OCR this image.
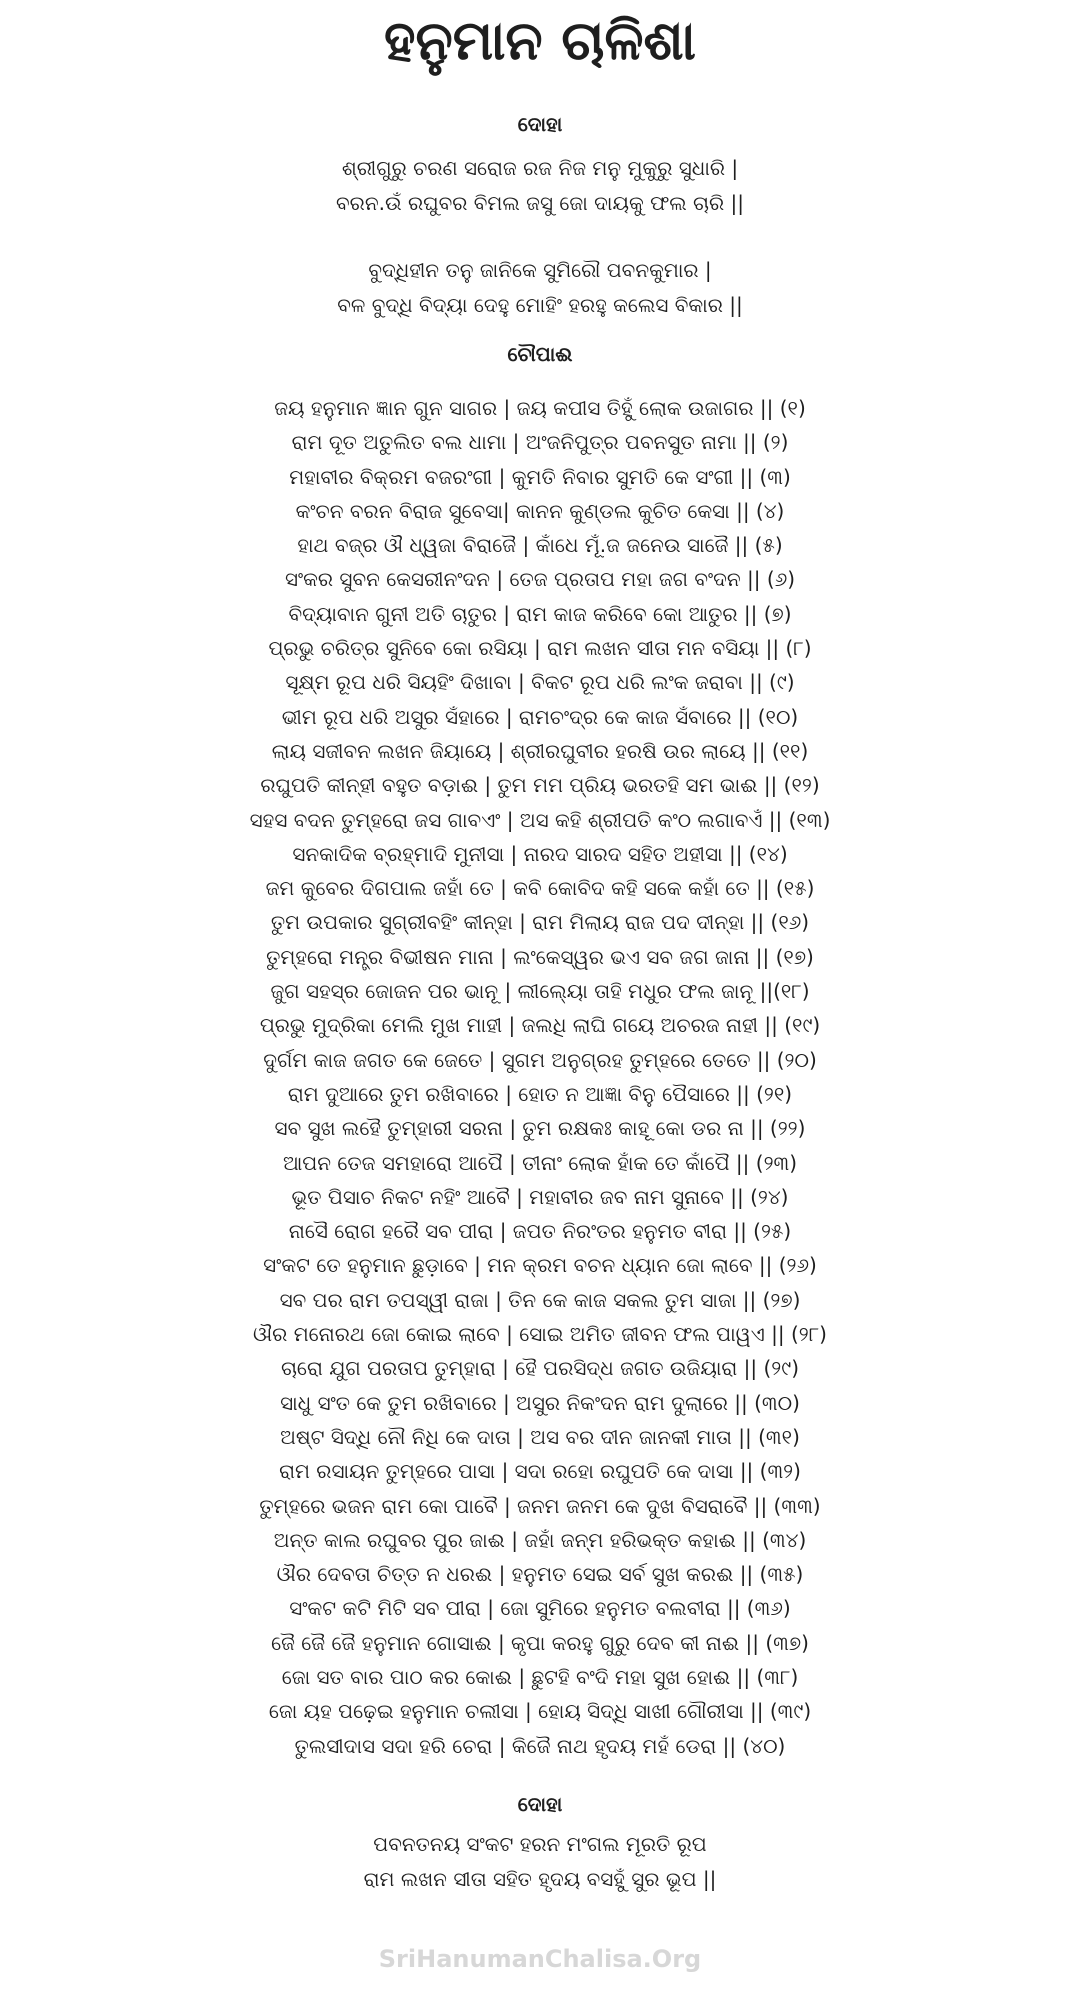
ହନୁମାନ ଚାଳିଶା
ଦୋହା
ଶ୍ରୀଗୁରୁ ଚରଣ ସରୋଜ ରଜ ନିଜ ମନୁ ମୁକୁରୁ ସୁଧାରି |
ବରନ.ଉଁ ରଘୁବର ବିମଲ ଜସୁ ଜୋ ଦାୟକୁ ଫଲ ଚାରି ||
ବୁଦ୍ଧିହୀନ ତନୁ ଜାନିକେ ସୁମିରୌ ପବନକୁମାର |
ବଳ ବୁଦ୍ଧି ବିଦ୍ୟା ଦେହୁ ମୋହିଂ ହରହୁ କଲେସ ବିକାର ||
ଚୌପାଈ
ଜୟ ହନୁମାନ ଜ୍ଞାନ ଗୁନ ସାଗର | ଜୟ କପୀସ ତିହୁଁ ଲୋକ ଉଜାଗର || (୧)
ରାମ ଦୂତ ଅତୁଲିତ ବଲ ଧାମା | ଅଂଜନିପୁତ୍ର ପବନସୁତ ନାମା || (୨)
ମହାବୀର ବିକ୍ରମ ବଜରଂଗୀ | କୁମତି ନିବାର ସୁମତି କେ ସଂଗୀ || (୩)
କଂଚନ ବରନ ବିରାଜ ସୁବେସା| କାନନ କୁଣ୍ଡଲ କୁଚିତ କେସା || (୪)
ହାଥ ବଜ୍ର ଔ ଧ୍ୱଜା ବିରାଜୈ | କାଁଧେ ମୂଁ.ଜ ଜନେଉ ସାଜୈ || (୫)
ସଂକର ସୁବନ କେସରୀନଂଦନ | ତେଜ ପ୍ରତାପ ମହା ଜଗ ବଂଦନ || (୬)
ବିଦ୍ୟାବାନ ଗୁନୀ ଅତି ଚାତୁର | ରାମ କାଜ କରିବେ କୋ ଆତୁର || (୭)
ପ୍ରଭୁ ଚରିତ୍ର ସୁନିବେ କୋ ରସିୟା | ରାମ ଲଖନ ସୀତା ମନ ବସିୟା || (୮)
ସୂକ୍ଷ୍ମ ରୂପ ଧରି ସିୟହିଂ ଦିଖାବା | ବିକଟ ରୂପ ଧରି ଲଂକ ଜରାବା || (୯)
ଭୀମ ରୂପ ଧରି ଅସୁର ସଁହାରେ | ରାମଚଂଦ୍ର କେ କାଜ ସଁବାରେ || (୧୦)
ଲାୟ ସଜୀବନ ଲଖନ ଜିୟାୟେ | ଶ୍ରୀରଘୁବୀର ହରଷି ଉର ଲାୟେ || (୧୧)
ରଘୁପତି କୀନ୍ହୀ ବହୁତ ବଡ଼ାଈ | ତୁମ ମମ ପ୍ରିୟ ଭରତହି ସମ ଭାଈ || (୧୨)
ସହସ ବଦନ ତୁମ୍ହରୋ ଜସ ଗାବଏଂ | ଅସ କହି ଶ୍ରୀପତି କଂଠ ଲଗାବଏଁ || (୧୩)
ସନକାଦିକ ବ୍ରହ୍ମାଦି ମୁନୀସା | ନାରଦ ସାରଦ ସହିତ ଅହୀସା || (୧୪)
ଜମ କୁବେର ଦିଗପାଲ ଜହାଁ ତେ | କବି କୋବିଦ କହି ସକେ କହାଁ ତେ || (୧୫)
ତୁମ ଉପକାର ସୁଗ୍ରୀବହିଂ କୀନ୍ହା | ରାମ ମିଲାୟ ରାଜ ପଦ ଦୀନ୍ହା || (୧୬)
ତୁମ୍ହରୋ ମନ୍ତ୍ର ବିଭୀଷନ ମାନା | ଲଂକେସ୍ୱର ଭଏ ସବ ଜଗ ଜାନା || (୧୭)
ଜୁଗ ସହସ୍ର ଜୋଜନ ପର ଭାନୂ | ଲୀଲ୍ୟୋ ତାହି ମଧୁର ଫଲ ଜାନୂ ||(୧୮)
ପ୍ରଭୁ ମୁଦ୍ରିକା ମେଲି ମୁଖ ମାହୀ | ଜଲଧି ଲାଘି ଗୟେ ଅଚରଜ ନାହୀ || (୧୯)
ଦୁର୍ଗମ କାଜ ଜଗତ କେ ଜେତେ | ସୁଗମ ଅନୁଗ୍ରହ ତୁମ୍ହରେ ତେତେ || (୨୦)
ରାମ ଦୁଆରେ ତୁମ ରଖିବାରେ | ହୋତ ନ ଆଜ୍ଞା ବିନୁ ପୈସାରେ || (୨୧)
ସବ ସୁଖ ଲହୈ ତୁମ୍ହାରୀ ସରନା | ତୁମ ରକ୍ଷକଃ କାହୂ କୋ ଡର ନା || (୨୨)
ଆପନ ତେଜ ସମହାରୋ ଆପୈ | ତୀନାଂ ଲୋକ ହାଁକ ତେ କାଁପୈ || (୨୩)
ଭୂତ ପିସାଚ ନିକଟ ନହିଂ ଆବୈ | ମହାବୀର ଜବ ନାମ ସୁନାବେ || (୨୪)
ନାସୈ ରୋଗ ହରୈ ସବ ପୀରା | ଜପତ ନିରଂତର ହନୁମତ ବୀରା || (୨୫)
ସଂକଟ ତେ ହନୁମାନ ଛୁଡ଼ାବେ | ମନ କ୍ରମ ବଚନ ଧ୍ୟାନ ଜୋ ଲାବେ || (୨୬)
ସବ ପର ରାମ ତପସ୍ୱୀ ରାଜା | ତିନ କେ କାଜ ସକଲ ତୁମ ସାଜା || (୨୭)
ଔର ମନୋରଥ ଜୋ କୋଇ ଲାବେ | ସୋଇ ଅମିତ ଜୀବନ ଫଲ ପାୱଏ || (୨୮)
ଚାରୋ ଯୁଗ ପରତାପ ତୁମ୍ହାରା | ହୈ ପରସିଦ୍ଧ ଜଗତ ଉଜିୟାରା || (୨୯)
ସାଧୁ ସଂତ କେ ତୁମ ରଖିବାରେ | ଅସୁର ନିକଂଦନ ରାମ ଦୁଲାରେ || (୩୦)
ଅଷ୍ଟ ସିଦ୍ଧି ନୌ ନିଧି କେ ଦାତା | ଅସ ବର ଦୀନ ଜାନକୀ ମାତା || (୩୧)
ରାମ ରସାୟନ ତୁମ୍ହରେ ପାସା | ସଦା ରହୋ ରଘୁପତି କେ ଦାସା || (୩୨)
ତୁମ୍ହରେ ଭଜନ ରାମ କୋ ପାବୈ | ଜନମ ଜନମ କେ ଦୁଖ ବିସରାବୈ || (୩୩)
ଅନ୍ତ କାଲ ରଘୁବର ପୁର ଜାଈ | ଜହାଁ ଜନ୍ମ ହରିଭକ୍ତ କହାଈ || (୩୪)
ଔର ଦେବତା ଚିତ୍ତ ନ ଧରଈ | ହନୁମତ ସେଇ ସର୍ବ ସୁଖ କରଈ || (୩୫)
ସଂକଟ କଟି ମିଟି ସବ ପୀରା | ଜୋ ସୁମିରେ ହନୁମତ ବଲବୀରା || (୩୬)
ଜୈ ଜୈ ଜୈ ହନୁମାନ ଗୋସାଈ | କୃପା କରହୁ ଗୁରୁ ଦେବ କୀ ନାଈ || (୩୭)
ଜୋ ସତ ବାର ପାଠ କର କୋଈ | ଛୁଟହି ବଂଦି ମହା ସୁଖ ହୋଈ || (୩୮)
ଜୋ ୟହ ପଢ଼େଇ ହନୁମାନ ଚଲୀସା | ହୋୟ ସିଦ୍ଧି ସାଖୀ ଗୌରୀସା || (୩୯)
ତୁଲସୀଦାସ ସଦା ହରି ଚେରା | କିଜୈ ନାଥ ହୃଦୟ ମହଁ ଡେରା || (୪୦)
ଦୋହା
ପବନତନୟ ସଂକଟ ହରନ ମଂଗଲ ମୂରତି ରୂପ
ରାମ ଲଖନ ସୀତା ସହିତ ହୃଦୟ ବସହୁଁ ସୁର ଭୂପ ||
SriHanumanChalisa.Org
